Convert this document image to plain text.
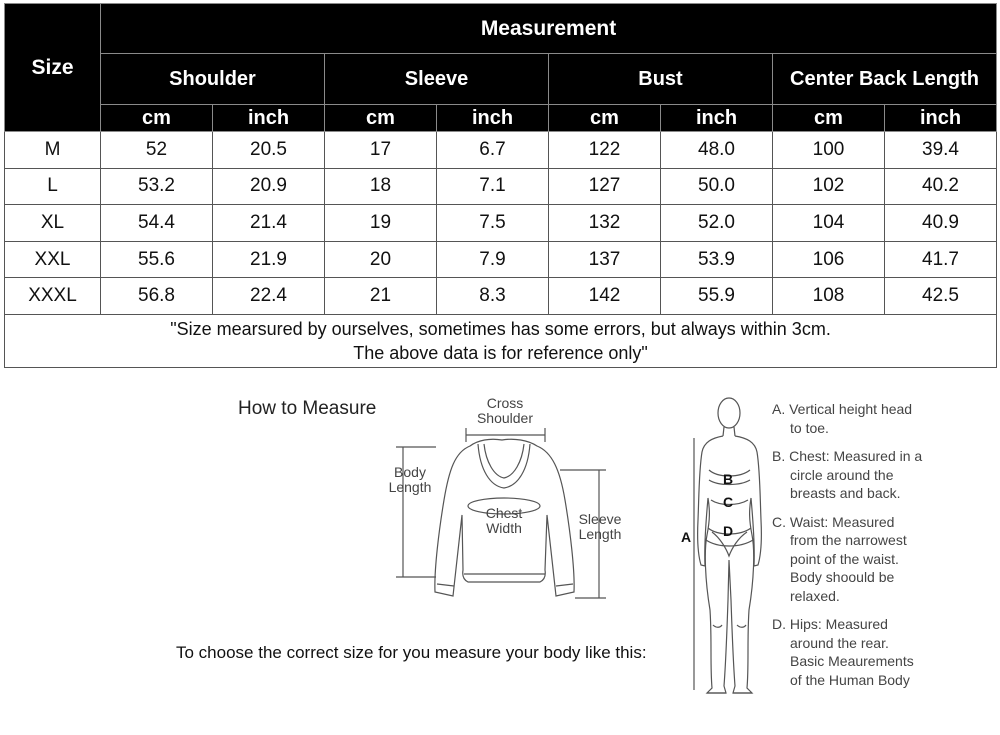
Size	Measurement							
	Shoulder		Sleeve		Bust		Center Back Length	
	cm	inch	cm	inch	cm	inch	cm	inch
M	52	20.5	17	6.7	122	48.0	100	39.4
L	53.2	20.9	18	7.1	127	50.0	102	40.2
XL	54.4	21.4	19	7.5	132	52.0	104	40.9
XXL	55.6	21.9	20	7.9	137	53.9	106	41.7
XXXL	56.8	22.4	21	8.3	142	55.9	108	42.5

"Size mearsured by ourselves, sometimes has some errors, but always within 3cm.
The above data is for reference only"								
How to Measure	Cross
Shoulder
Body
Length
Chest
Width
Sleeve
Length
To choose the correct size for you measure your body like this:
A
B
C
D
A. Vertical height head
to toe.
B. Chest: Measured in a
circle around the
breasts and back.
C. Waist: Measured
from the narrowest
point of the waist.
Body shoould be
relaxed.
D. Hips: Measured
around the rear.
Basic Meaurements
of the Human Body
